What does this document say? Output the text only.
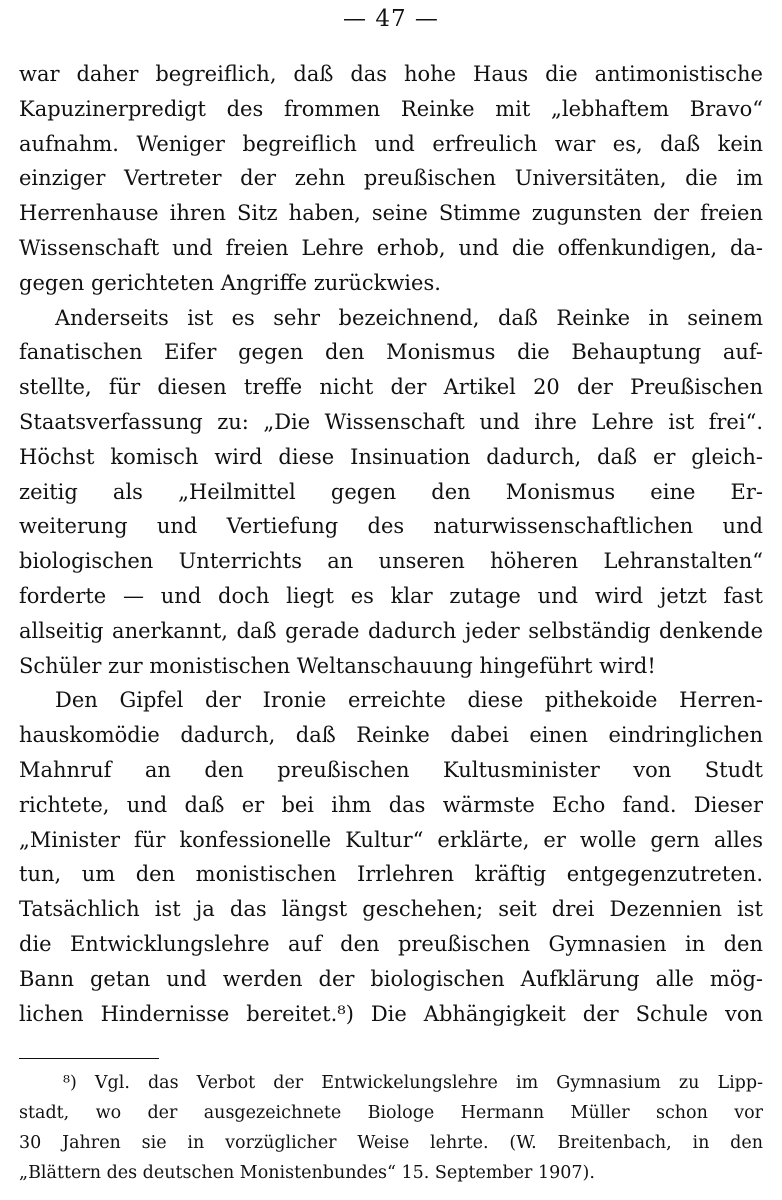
— 47 —
war daher begreiflich, daß das hohe Haus die antimonistische
Kapuzinerpredigt des frommen Reinke mit „lebhaftem Bravo“
aufnahm. Weniger begreiflich und erfreulich war es, daß kein
einziger Vertreter der zehn preußischen Universitäten, die im
Herrenhause ihren Sitz haben, seine Stimme zugunsten der freien
Wissenschaft und freien Lehre erhob, und die offenkundigen, da-
gegen gerichteten Angriffe zurückwies.
Anderseits ist es sehr bezeichnend, daß Reinke in seinem
fanatischen Eifer gegen den Monismus die Behauptung auf-
stellte, für diesen treffe nicht der Artikel 20 der Preußischen
Staatsverfassung zu: „Die Wissenschaft und ihre Lehre ist frei“.
Höchst komisch wird diese Insinuation dadurch, daß er gleich-
zeitig als „Heilmittel gegen den Monismus eine Er-
weiterung und Vertiefung des naturwissenschaftlichen und
biologischen Unterrichts an unseren höheren Lehranstalten“
forderte — und doch liegt es klar zutage und wird jetzt fast
allseitig anerkannt, daß gerade dadurch jeder selbständig denkende
Schüler zur monistischen Weltanschauung hingeführt wird!
Den Gipfel der Ironie erreichte diese pithekoide Herren-
hauskomödie dadurch, daß Reinke dabei einen eindringlichen
Mahnruf an den preußischen Kultusminister von Studt
richtete, und daß er bei ihm das wärmste Echo fand. Dieser
„Minister für konfessionelle Kultur“ erklärte, er wolle gern alles
tun, um den monistischen Irrlehren kräftig entgegenzutreten.
Tatsächlich ist ja das längst geschehen; seit drei Dezennien ist
die Entwicklungslehre auf den preußischen Gymnasien in den
Bann getan und werden der biologischen Aufklärung alle mög-
lichen Hindernisse bereitet.⁸) Die Abhängigkeit der Schule von
⁸) Vgl. das Verbot der Entwickelungslehre im Gymnasium zu Lipp-
stadt, wo der ausgezeichnete Biologe Hermann Müller schon vor
30 Jahren sie in vorzüglicher Weise lehrte. (W. Breitenbach, in den
„Blättern des deutschen Monistenbundes“ 15. September 1907).
